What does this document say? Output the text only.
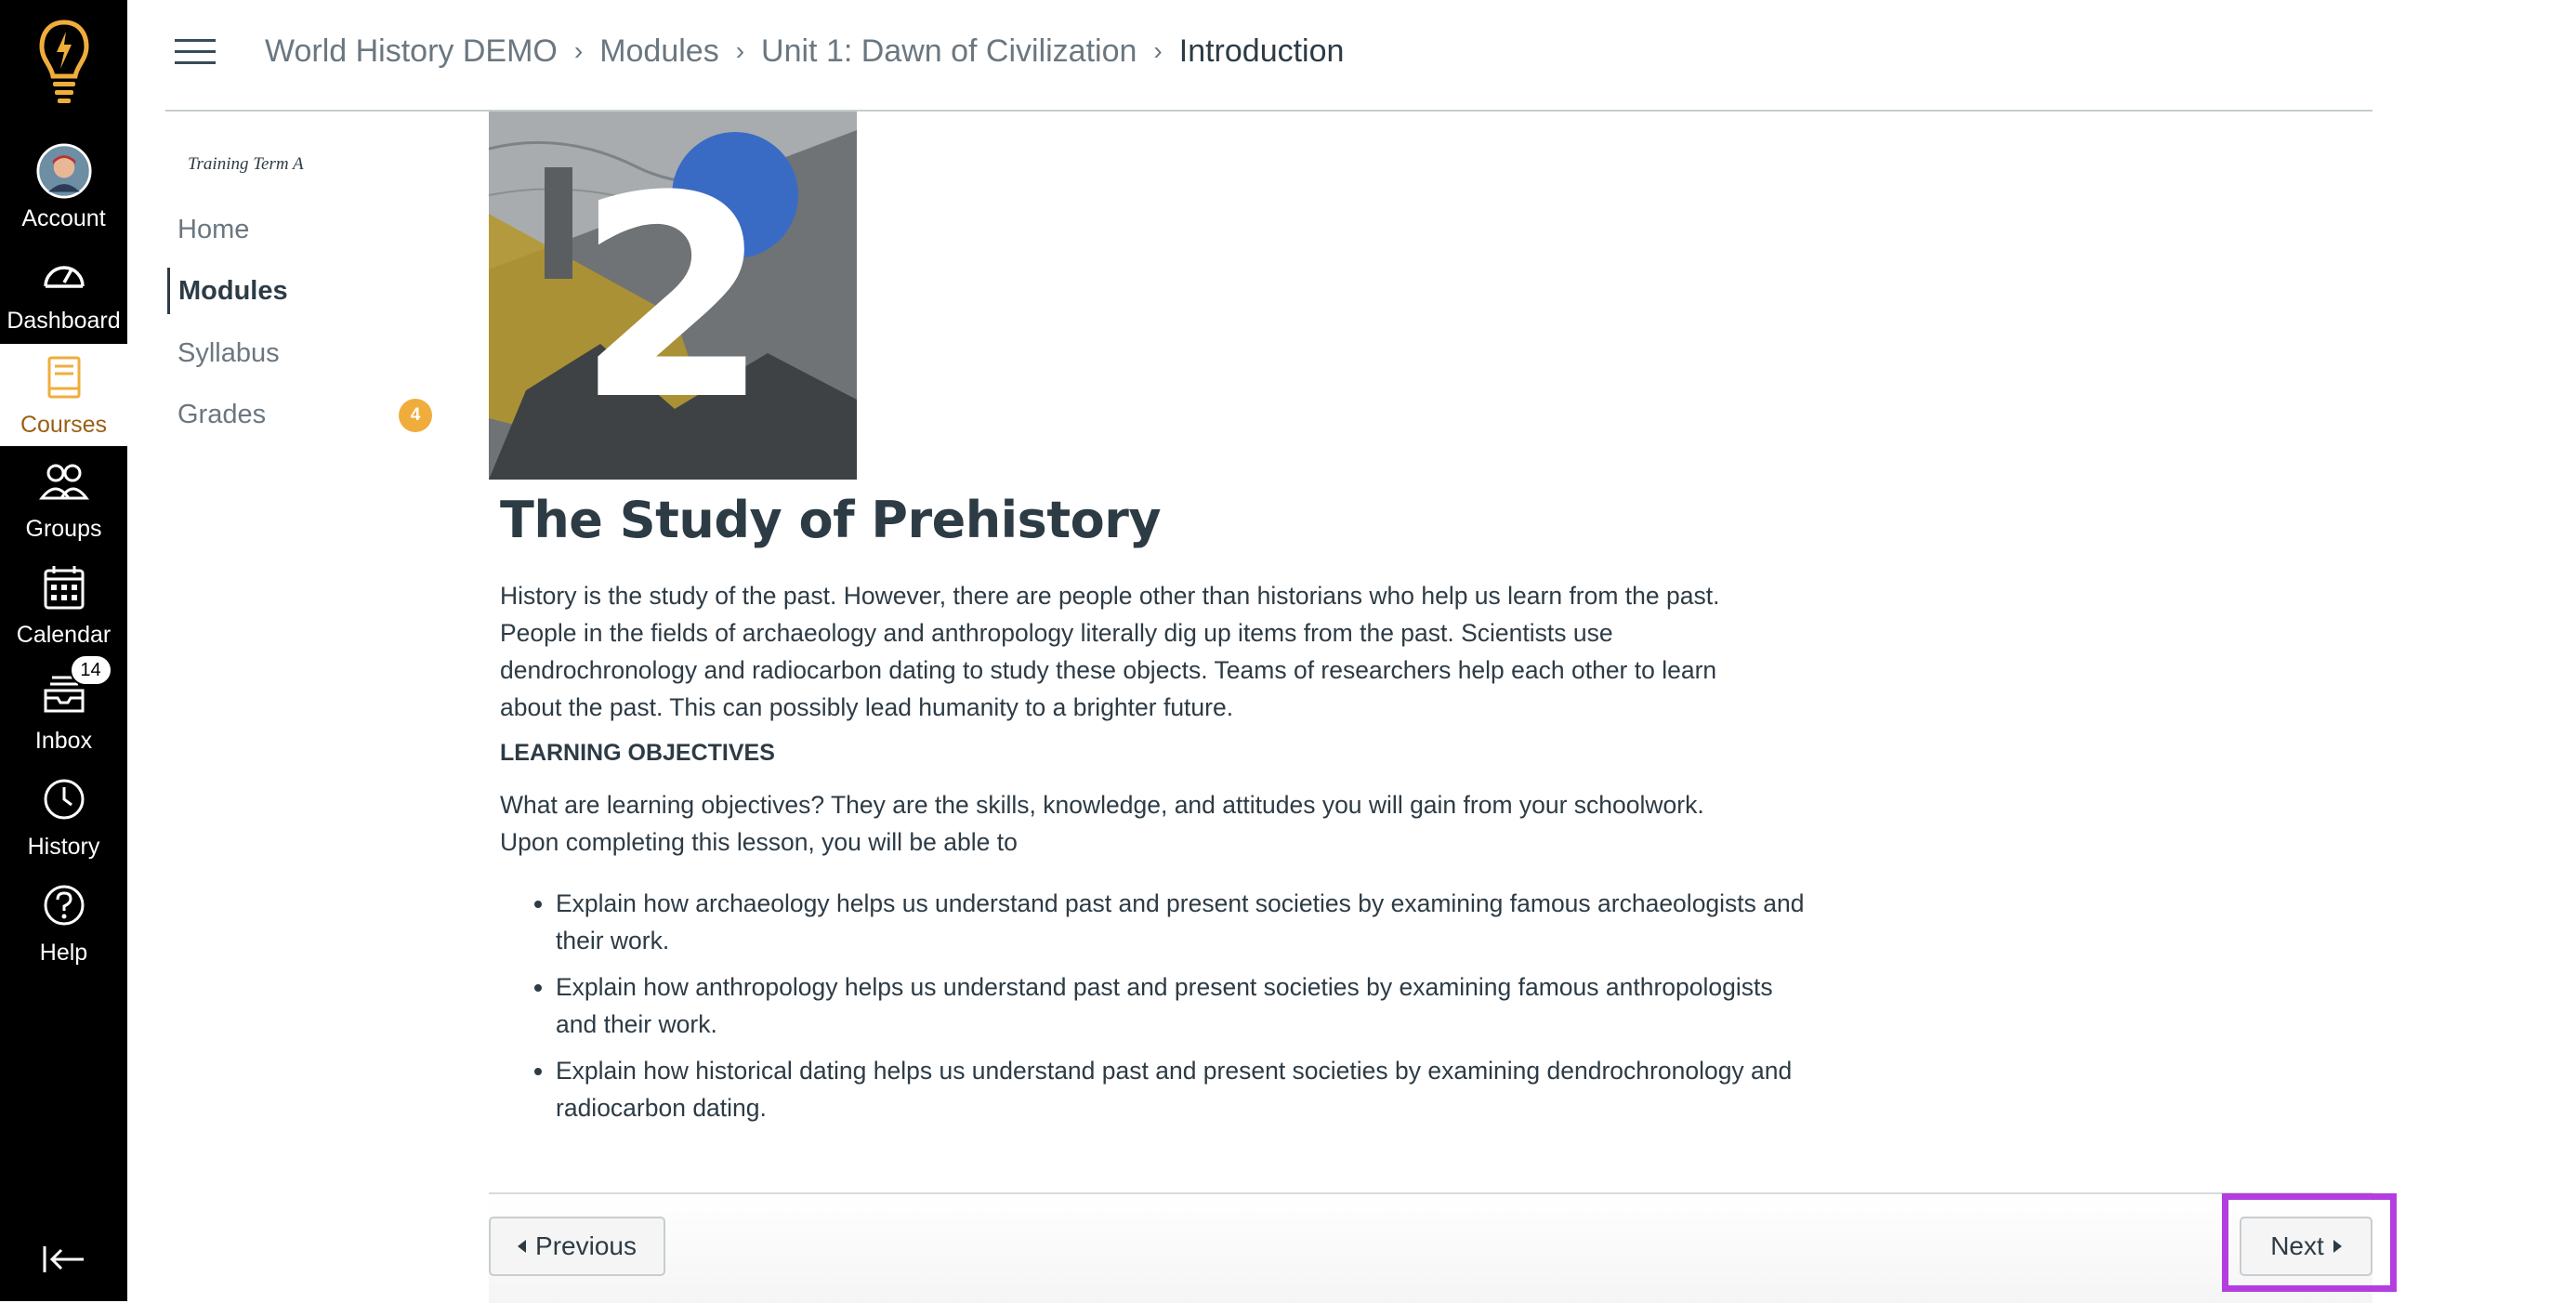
Account
Dashboard
Courses
Groups
Calendar
14
Inbox
History
Help
World History DEMO › Modules › Unit 1: Dawn of Civilization › Introduction
Training Term A
Home
Modules
Syllabus
Grades	4 2
The Study of Prehistory

History is the study of the past. However, there are people other than historians who help us learn from the past. People in the fields of archaeology and anthropology literally dig up items from the past. Scientists use dendrochronology and radiocarbon dating to study these objects. Teams of researchers help each other to learn about the past. This can possibly lead humanity to a brighter future.

LEARNING OBJECTIVES

What are learning objectives? They are the skills, knowledge, and attitudes you will gain from your schoolwork. Upon completing this lesson, you will be able to

• Explain how archaeology helps us understand past and present societies by examining famous archaeologists and their work.
• Explain how anthropology helps us understand past and present societies by examining famous anthropologists and their work.
• Explain how historical dating helps us understand past and present societies by examining dendrochronology and radiocarbon dating.
Previous	Next
